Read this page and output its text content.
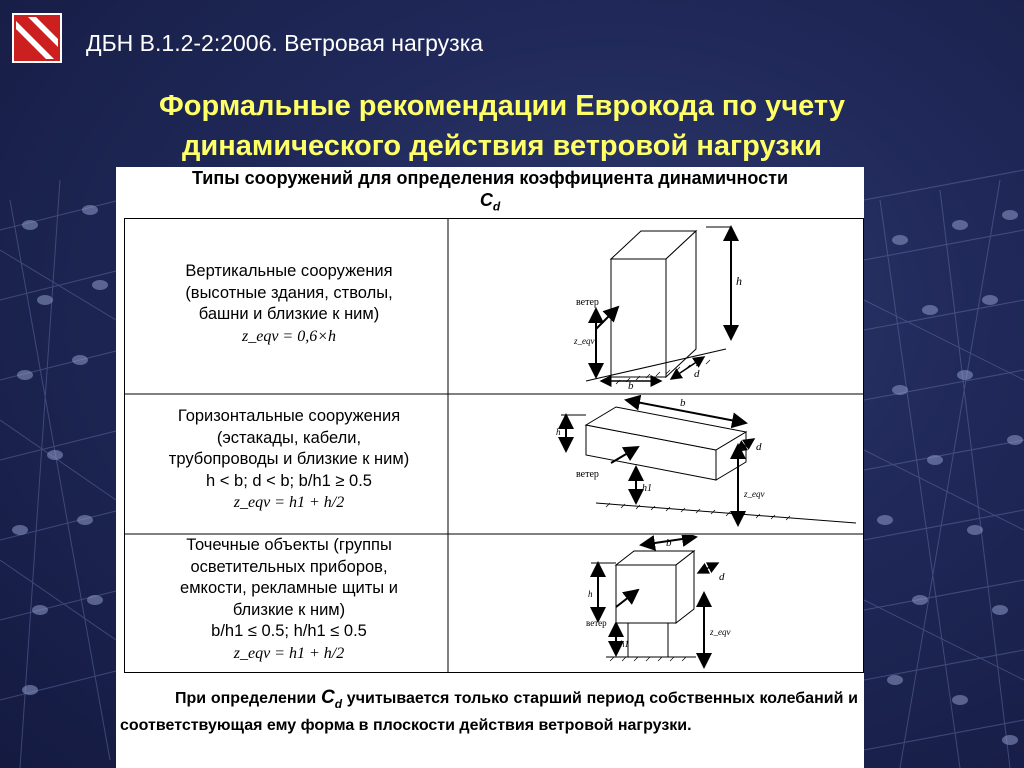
ДБН В.1.2-2:2006. Ветровая нагрузка
Формальные рекомендации Еврокода по учету
динамического действия ветровой нагрузки
Типы сооружений для определения коэффициента динамичности
$C_d$
Вертикальные сооружения
(высотные здания, стволы,
башни и близкие к ним)
z_eqv = 0,6×h
Горизонтальные сооружения
(эстакады, кабели,
трубопроводы и близкие к ним)
h < b; d < b; b/h1 ≥ 0.5
z_eqv = h1 + h/2
Точечные объекты (группы
осветительных приборов,
емкости, рекламные щиты и
близкие к ним)
b/h1 ≤ 0.5; h/h1 ≤ 0.5
z_eqv = h1 + h/2
ветер
h
z_eqv
b
d
b
d
h
h1
ветер
z_eqv
b
d
h
ветер
h1
z_eqv
При определении $C_d$ учитывается только старший период собственных колебаний и соответствующая ему форма в плоскости действия ветровой нагрузки.
